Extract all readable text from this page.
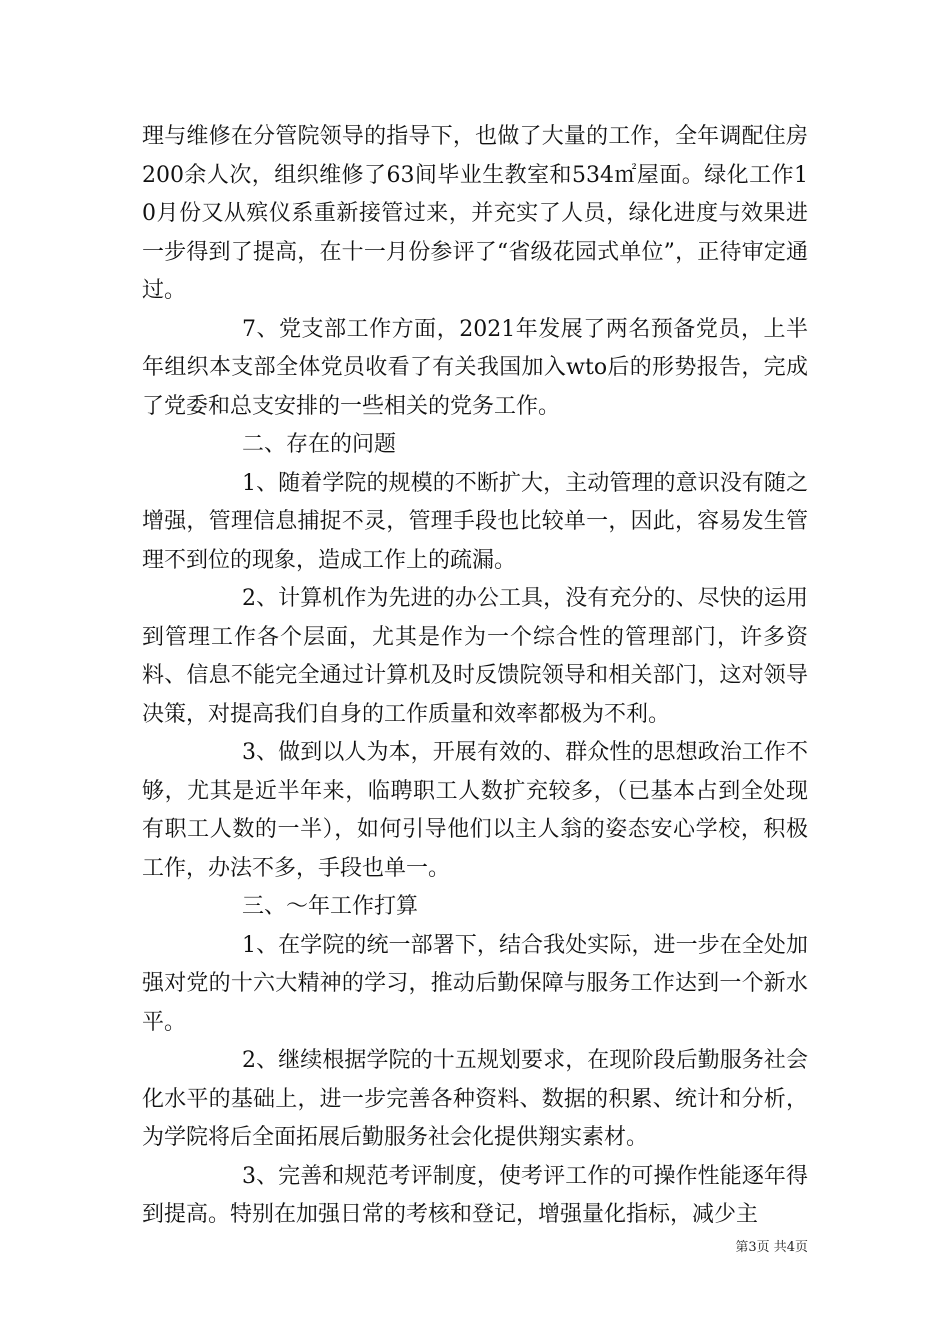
理与维修在分管院领导的指导下，也做了大量的工作，全年调配住房200余人次，组织维修了63间毕业生教室和534㎡屋面。绿化工作10月份又从殡仪系重新接管过来，并充实了人员，绿化进度与效果进一步得到了提高，在十一月份参评了“省级花园式单位”，正待审定通过。

7、党支部工作方面，2021年发展了两名预备党员，上半年组织本支部全体党员收看了有关我国加入wto后的形势报告，完成了党委和总支安排的一些相关的党务工作。

二、存在的问题

1、随着学院的规模的不断扩大，主动管理的意识没有随之增强，管理信息捕捉不灵，管理手段也比较单一，因此，容易发生管理不到位的现象，造成工作上的疏漏。

2、计算机作为先进的办公工具，没有充分的、尽快的运用到管理工作各个层面，尤其是作为一个综合性的管理部门，许多资料、信息不能完全通过计算机及时反馈院领导和相关部门，这对领导决策，对提高我们自身的工作质量和效率都极为不利。

3、做到以人为本，开展有效的、群众性的思想政治工作不够，尤其是近半年来，临聘职工人数扩充较多，（已基本占到全处现有职工人数的一半），如何引导他们以主人翁的姿态安心学校，积极工作，办法不多，手段也单一。

三、～年工作打算

1、在学院的统一部署下，结合我处实际，进一步在全处加强对党的十六大精神的学习，推动后勤保障与服务工作达到一个新水平。

2、继续根据学院的十五规划要求，在现阶段后勤服务社会化水平的基础上，进一步完善各种资料、数据的积累、统计和分析，为学院将后全面拓展后勤服务社会化提供翔实素材。

3、完善和规范考评制度，使考评工作的可操作性能逐年得到提高。特别在加强日常的考核和登记，增强量化指标，减少主

第3页 共4页
